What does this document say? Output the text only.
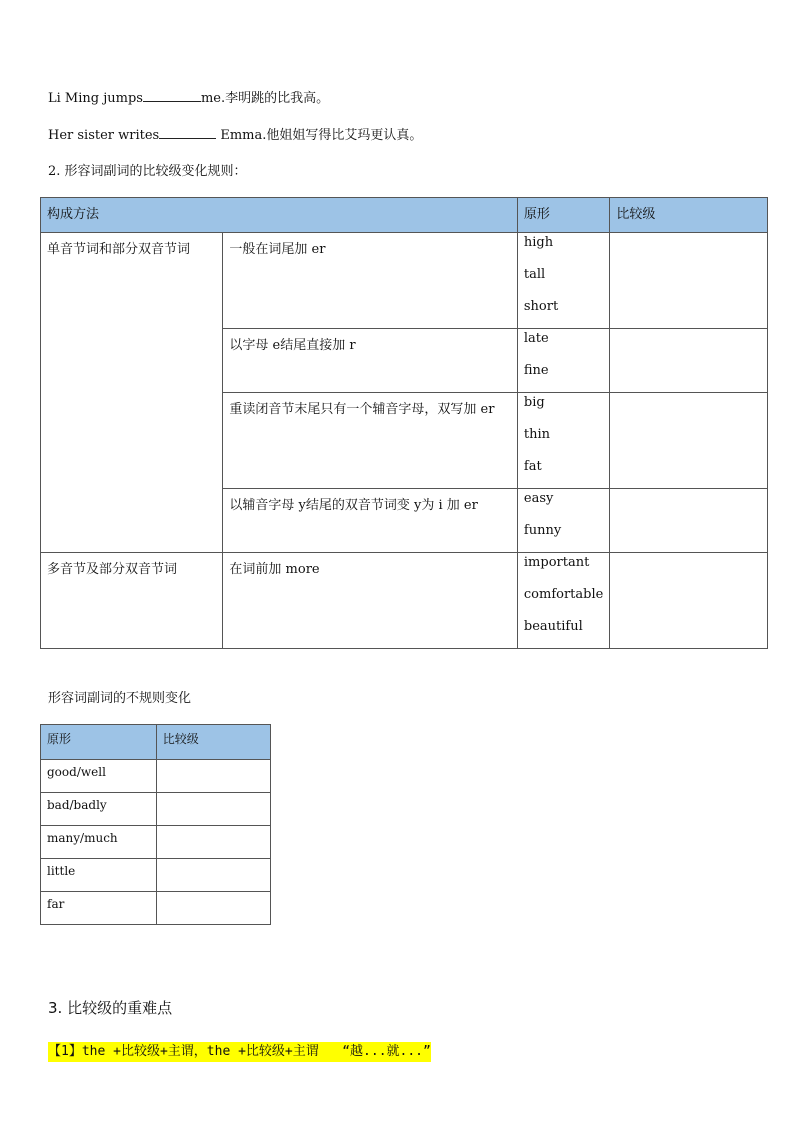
Li Ming jumps	me.李明跳的比我高。
Her sister writes	Emma.他姐姐写得比艾玛更认真。
2. 形容词副词的比较级变化规则：
构成方法		原形	比较级

单音节词和部分双音节词	一般在词尾加 er	high
tall
short	

	以字母 e结尾直接加 r	late
fine	

	重读闭音节末尾只有一个辅音字母，双写加 er	big
thin
fat	

	以辅音字母 y结尾的双音节词变 y为 i 加 er	easy
funny	

多音节及部分双音节词	在词前加 more	important
comfortable
beautiful	

形容词副词的不规则变化
原形	比较级

good/well	

bad/badly	

many/much	

little	

far	

3. 比较级的重难点
【1】the +比较级+主谓，the +比较级+主谓   “越...就...”
